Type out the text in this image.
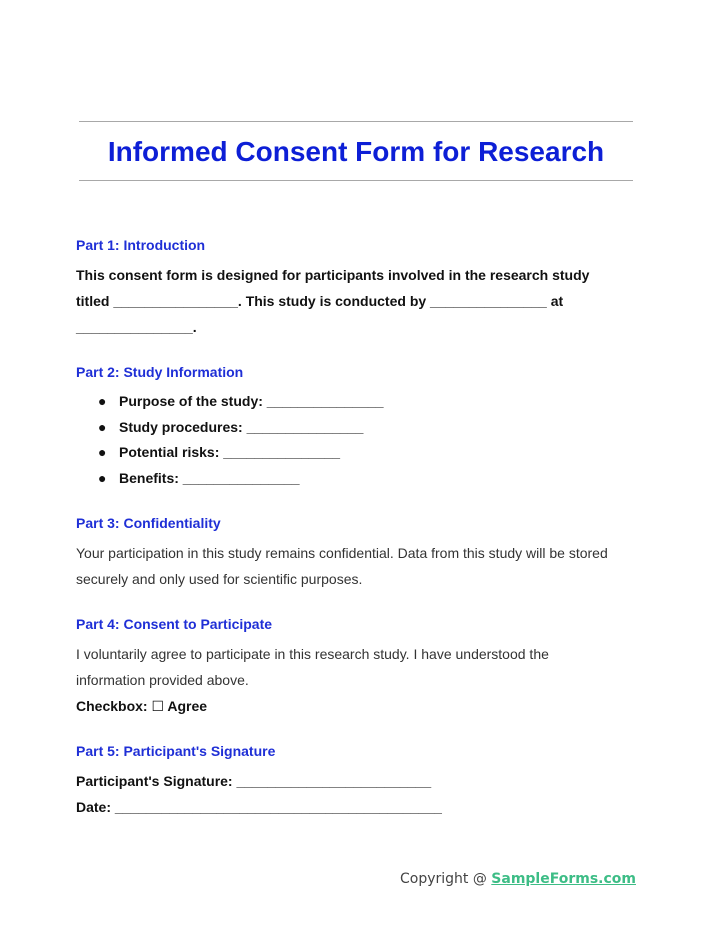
Informed Consent Form for Research

Part 1: Introduction

This consent form is designed for participants involved in the research study
titled ________________. This study is conducted by _______________ at
_______________.

Part 2: Study Information

● Purpose of the study: _______________
● Study procedures: _______________
● Potential risks: _______________
● Benefits: _______________

Part 3: Confidentiality

Your participation in this study remains confidential. Data from this study will be stored
securely and only used for scientific purposes.

Part 4: Consent to Participate

I voluntarily agree to participate in this research study. I have understood the
information provided above.
Checkbox: ☐ Agree

Part 5: Participant's Signature

Participant's Signature: _________________________
Date: __________________________________________
Copyright @ SampleForms.com
